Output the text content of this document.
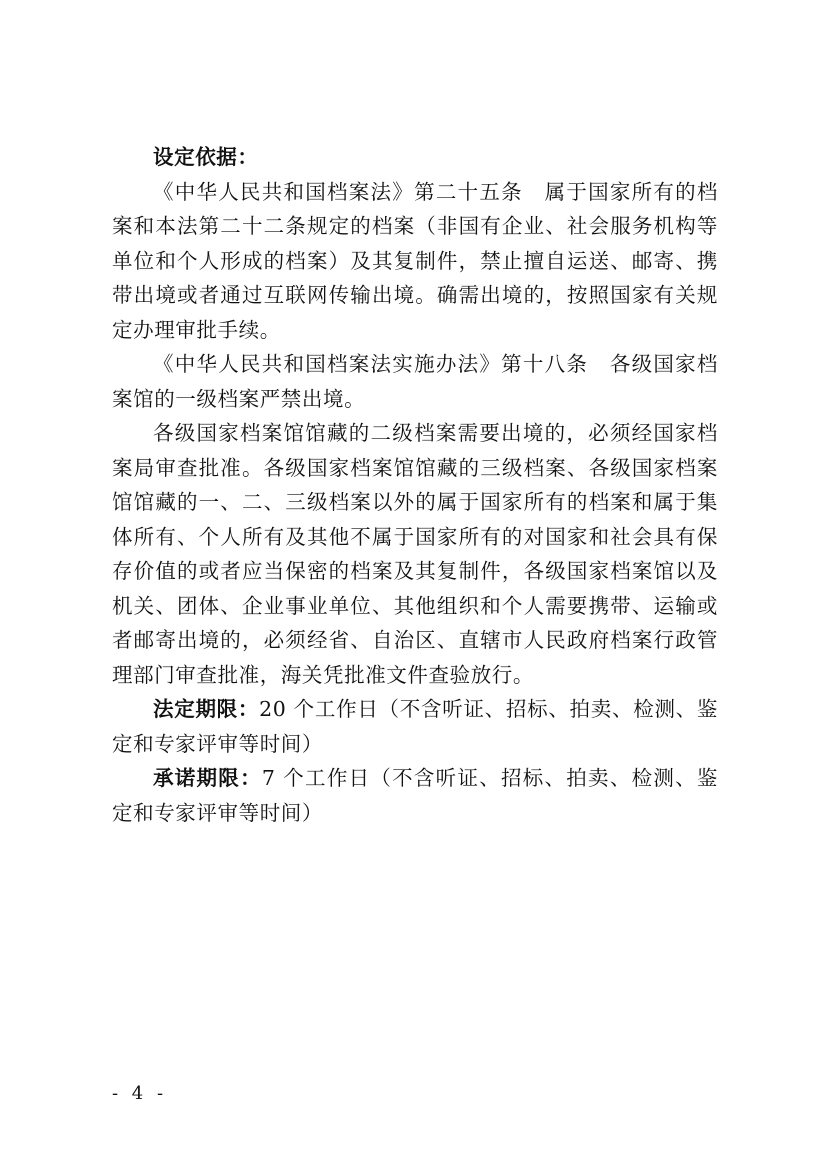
设定依据：

《中华人民共和国档案法》第二十五条　属于国家所有的档案和本法第二十二条规定的档案（非国有企业、社会服务机构等单位和个人形成的档案）及其复制件，禁止擅自运送、邮寄、携带出境或者通过互联网传输出境。确需出境的，按照国家有关规定办理审批手续。

《中华人民共和国档案法实施办法》第十八条　各级国家档案馆的一级档案严禁出境。

各级国家档案馆馆藏的二级档案需要出境的，必须经国家档案局审查批准。各级国家档案馆馆藏的三级档案、各级国家档案馆馆藏的一、二、三级档案以外的属于国家所有的档案和属于集体所有、个人所有及其他不属于国家所有的对国家和社会具有保存价值的或者应当保密的档案及其复制件，各级国家档案馆以及机关、团体、企业事业单位、其他组织和个人需要携带、运输或者邮寄出境的，必须经省、自治区、直辖市人民政府档案行政管理部门审查批准，海关凭批准文件查验放行。

法定期限：20 个工作日（不含听证、招标、拍卖、检测、鉴定和专家评审等时间）

承诺期限：7 个工作日（不含听证、招标、拍卖、检测、鉴定和专家评审等时间）

- 4 -
